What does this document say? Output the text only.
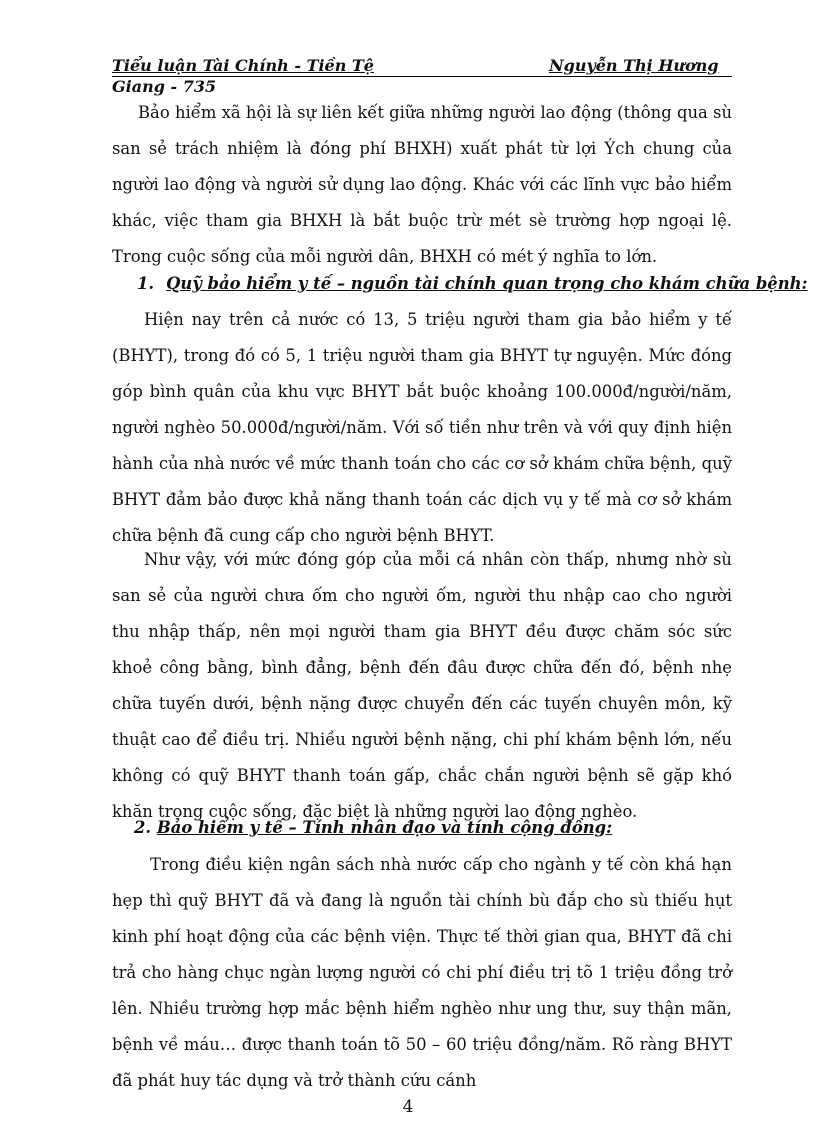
Tiểu luận Tài Chính - Tiền Tệ	Nguyễn Thị Hương
Giang - 735
Bảo hiểm xã hội là sự liên kết giữa những người lao động (thông qua sù san sẻ trách nhiệm là đóng phí BHXH) xuất phát từ lợi Ých chung của người lao động và người sử dụng lao động. Khác với các lĩnh vực bảo hiểm khác, việc tham gia BHXH là bắt buộc trừ mét sè trường hợp ngoại lệ. Trong cuộc sống của mỗi người dân, BHXH có mét ý nghĩa to lớn.
1. Quỹ bảo hiểm y tế – nguồn tài chính quan trọng cho khám chữa bệnh:
Hiện nay trên cả nước có 13, 5 triệu người tham gia bảo hiểm y tế (BHYT), trong đó có 5, 1 triệu người tham gia BHYT tự nguyện. Mức đóng góp bình quân của khu vực BHYT bắt buộc khoảng 100.000đ/người/năm, người nghèo 50.000đ/người/năm. Với số tiền như trên và với quy định hiện hành của nhà nước về mức thanh toán cho các cơ sở khám chữa bệnh, quỹ BHYT đảm bảo được khả năng thanh toán các dịch vụ y tế mà cơ sở khám chữa bệnh đã cung cấp cho người bệnh BHYT.
Như vậy, với mức đóng góp của mỗi cá nhân còn thấp, nhưng nhờ sù san sẻ của người chưa ốm cho người ốm, người thu nhập cao cho người thu nhập thấp, nên mọi người tham gia BHYT đều được chăm sóc sức khoẻ công bằng, bình đẳng, bệnh đến đâu được chữa đến đó, bệnh nhẹ chữa tuyến dưới, bệnh nặng được chuyển đến các tuyến chuyên môn, kỹ thuật cao để điều trị. Nhiều người bệnh nặng, chi phí khám bệnh lớn, nếu không có quỹ BHYT thanh toán gấp, chắc chắn người bệnh sẽ gặp khó khăn trong cuộc sống, đặc biệt là những người lao động nghèo.
2. Bảo hiểm y tế – Tính nhân đạo và tính cộng đồng:
Trong điều kiện ngân sách nhà nước cấp cho ngành y tế còn khá hạn hẹp thì quỹ BHYT đã và đang là nguồn tài chính bù đắp cho sù thiếu hụt kinh phí hoạt động của các bệnh viện. Thực tế thời gian qua, BHYT đã chi trả cho hàng chục ngàn lượng người có chi phí điều trị tõ 1 triệu đồng trở lên. Nhiều trường hợp mắc bệnh hiểm nghèo như ung thư, suy thận mãn, bệnh về máu… được thanh toán tõ 50 – 60 triệu đồng/năm. Rõ ràng BHYT đã phát huy tác dụng và trở thành cứu cánh
4
